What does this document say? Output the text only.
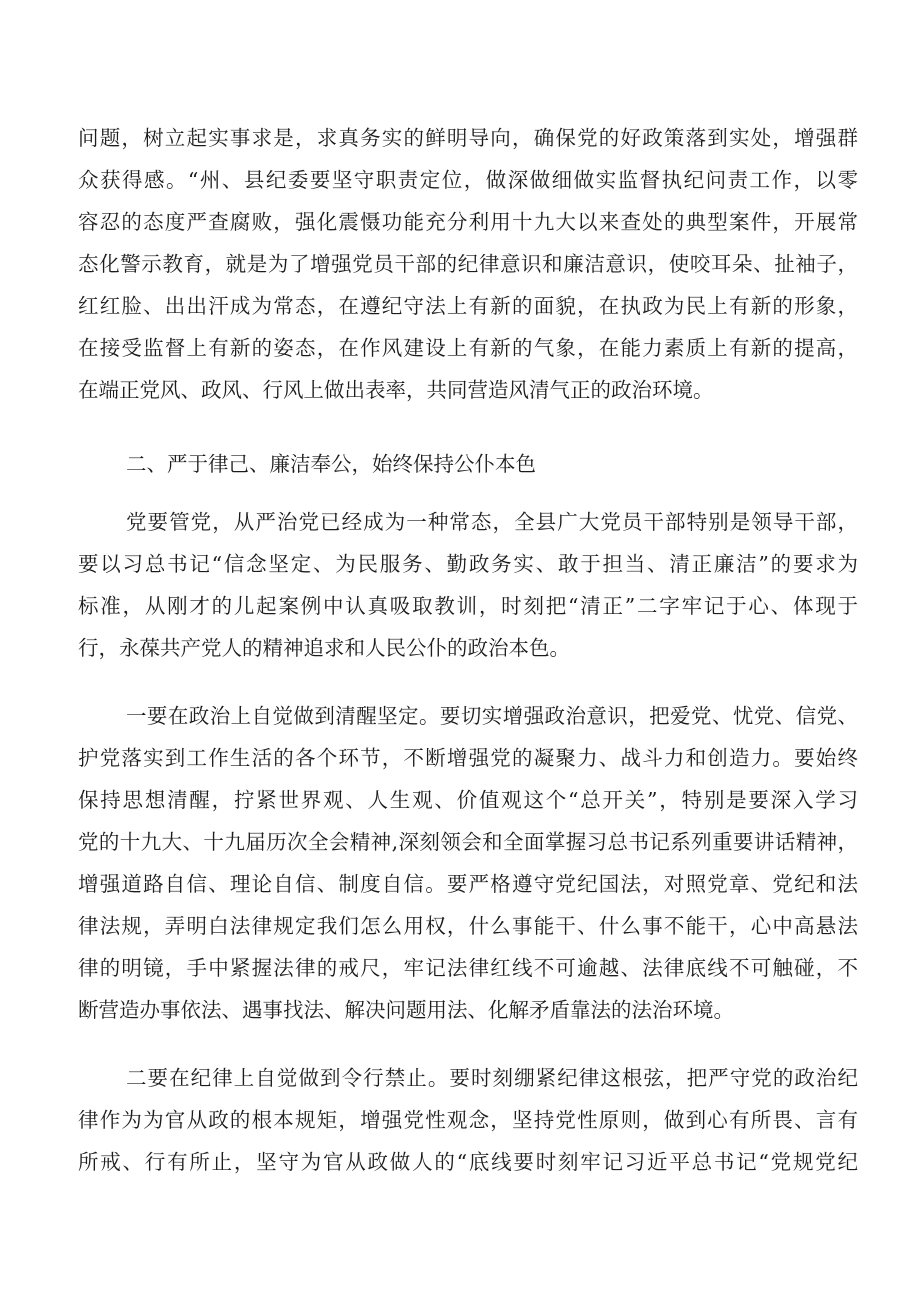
问题，树立起实事求是，求真务实的鲜明导向，确保党的好政策落到实处，增强群

众获得感。“州、县纪委要坚守职责定位，做深做细做实监督执纪问责工作，以零

容忍的态度严查腐败，强化震慑功能充分利用十九大以来查处的典型案件，开展常

态化警示教育，就是为了增强党员干部的纪律意识和廉洁意识，使咬耳朵、扯袖子，

红红脸、出出汗成为常态，在遵纪守法上有新的面貌，在执政为民上有新的形象，

在接受监督上有新的姿态，在作风建设上有新的气象，在能力素质上有新的提高，

在端正党风、政风、行风上做出表率，共同营造风清气正的政治环境。

二、严于律己、廉洁奉公，始终保持公仆本色

党要管党，从严治党已经成为一种常态，全县广大党员干部特别是领导干部，

要以习总书记“信念坚定、为民服务、勤政务实、敢于担当、清正廉洁”的要求为

标准，从刚才的儿起案例中认真吸取教训，时刻把“清正”二字牢记于心、体现于

行，永葆共产党人的精神追求和人民公仆的政治本色。

一要在政治上自觉做到清醒坚定。要切实增强政治意识，把爱党、忧党、信党、

护党落实到工作生活的各个环节，不断增强党的凝聚力、战斗力和创造力。要始终

保持思想清醒，拧紧世界观、人生观、价值观这个“总开关”，特别是要深入学习

党的十九大、十九届历次全会精神,深刻领会和全面掌握习总书记系列重要讲话精神，

增强道路自信、理论自信、制度自信。要严格遵守党纪国法，对照党章、党纪和法

律法规，弄明白法律规定我们怎么用权，什么事能干、什么事不能干，心中高悬法

律的明镜，手中紧握法律的戒尺，牢记法律红线不可逾越、法律底线不可触碰，不

断营造办事依法、遇事找法、解决问题用法、化解矛盾靠法的法治环境。

二要在纪律上自觉做到令行禁止。要时刻绷紧纪律这根弦，把严守党的政治纪

律作为为官从政的根本规矩，增强党性观念，坚持党性原则，做到心有所畏、言有

所戒、行有所止，坚守为官从政做人的“底线要时刻牢记习近平总书记“党规党纪
